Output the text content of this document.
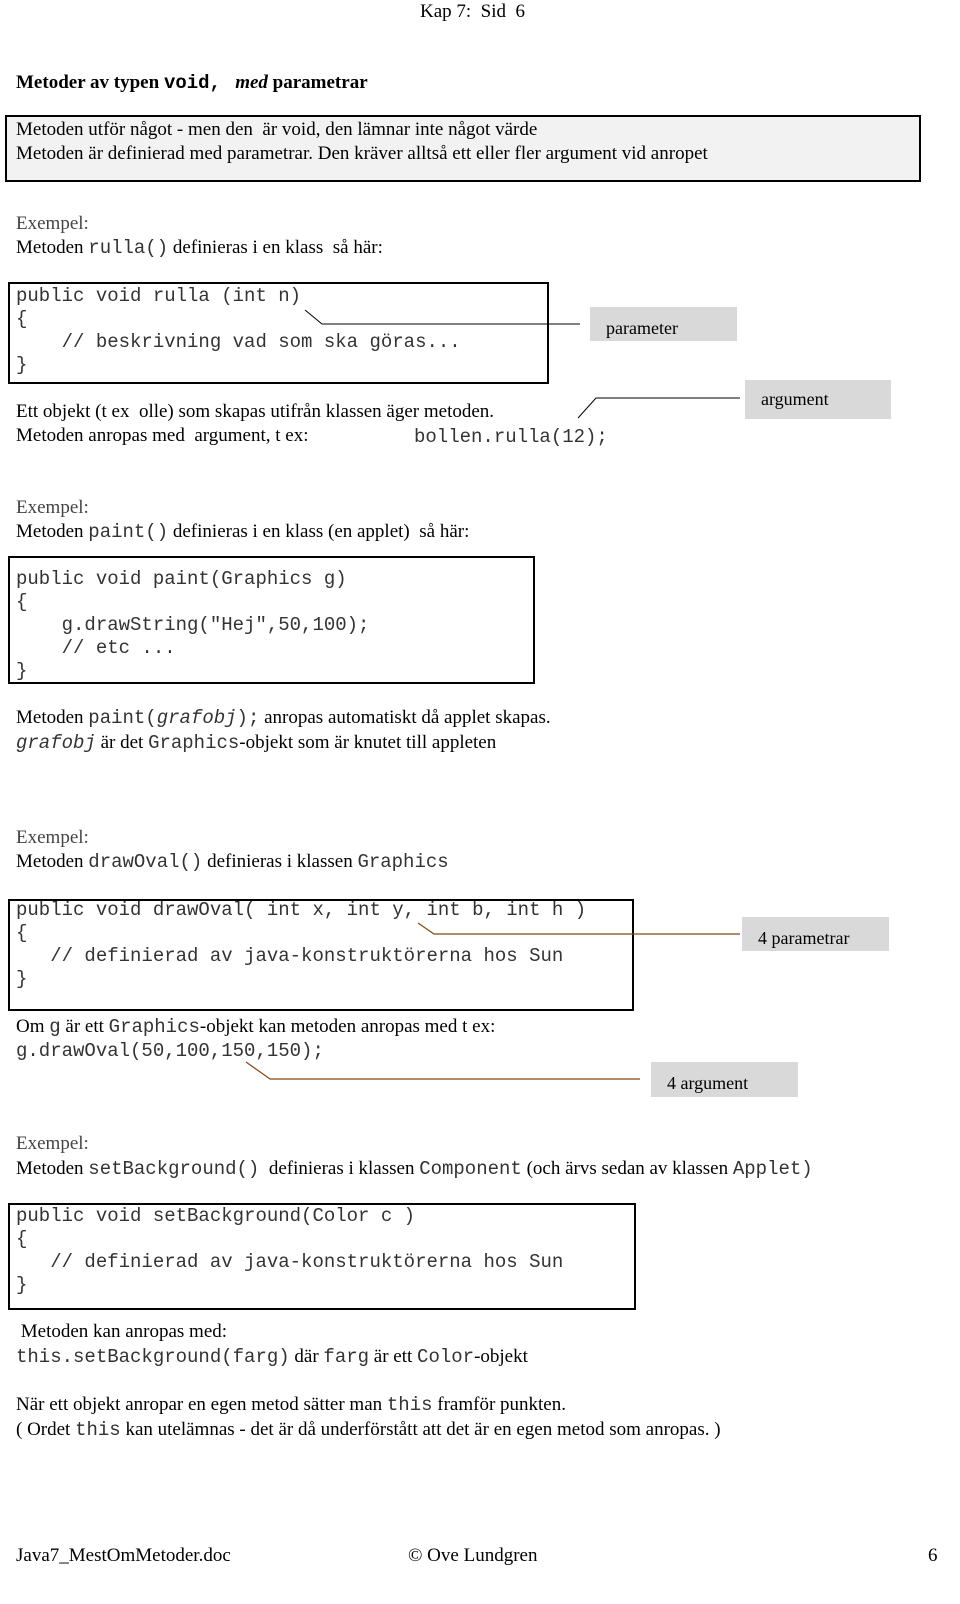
Kap 7:  Sid  6
Metoder av typen void, med parametrar
Metoden utför något - men den  är void, den lämnar inte något värde
Metoden är definierad med parametrar. Den kräver alltså ett eller fler argument vid anropet
Exempel:
Metoden rulla() definieras i en klass  så här:
public void rulla (int n)
{
// beskrivning vad som ska göras...
}
parameter
argument
Ett objekt (t ex  olle) som skapas utifrån klassen äger metoden.
Metoden anropas med  argument, t ex:	bollen.rulla(12);
Exempel:
Metoden paint() definieras i en klass (en applet)  så här:
public void paint(Graphics g)
{
g.drawString("Hej",50,100);
// etc ...
}
Metoden paint(grafobj); anropas automatiskt då applet skapas.
grafobj är det Graphics-objekt som är knutet till appleten
Exempel:
Metoden drawOval() definieras i klassen Graphics
public void drawOval( int x, int y, int b, int h )
{
// definierad av java-konstruktörerna hos Sun
}
4 parametrar
Om g är ett Graphics-objekt kan metoden anropas med t ex:
g.drawOval(50,100,150,150);
4 argument
Exempel:
Metoden setBackground()  definieras i klassen Component (och ärvs sedan av klassen Applet)
public void setBackground(Color c )
{
// definierad av java-konstruktörerna hos Sun
}
Metoden kan anropas med:
this.setBackground(farg) där farg är ett Color-objekt
När ett objekt anropar en egen metod sätter man this framför punkten.
( Ordet this kan utelämnas - det är då underförstått att det är en egen metod som anropas. )
Java7_MestOmMetoder.doc	© Ove Lundgren	6
